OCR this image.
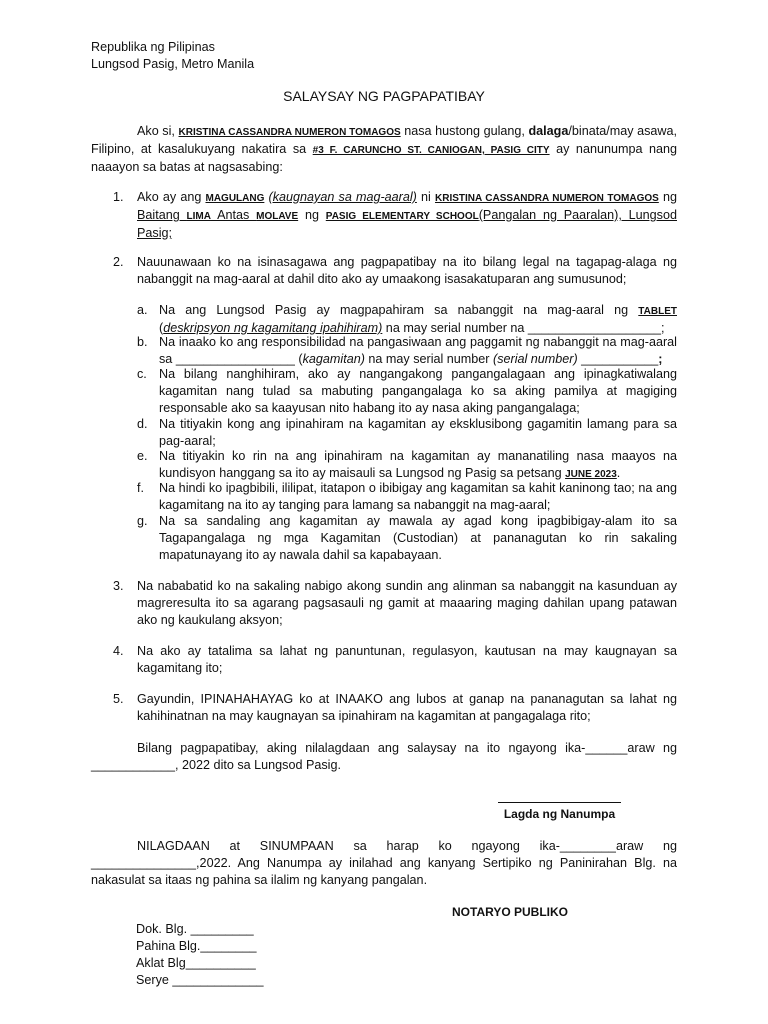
Republika ng Pilipinas
Lungsod Pasig, Metro Manila
SALAYSAY NG PAGPAPATIBAY
Ako si, KRISTINA CASSANDRA NUMERON TOMAGOS nasa hustong gulang, dalaga/binata/may asawa, Filipino, at kasalukuyang nakatira sa #3 F. CARUNCHO ST. CANIOGAN, PASIG CITY ay nanunumpa nang naaayon sa batas at nagsasabing:
1. Ako ay ang MAGULANG (kaugnayan sa mag-aaral) ni KRISTINA CASSANDRA NUMERON TOMAGOS ng Baitang LIMA Antas MOLAVE ng PASIG ELEMENTARY SCHOOL(Pangalan ng Paaralan), Lungsod Pasig;
2. Nauunawaan ko na isinasagawa ang pagpapatibay na ito bilang legal na tagapag-alaga ng nabanggit na mag-aaral at dahil dito ako ay umaakong isasakatuparan ang sumusunod;
a. Na ang Lungsod Pasig ay magpapahiram sa nabanggit na mag-aaral ng TABLET (deskripsyon ng kagamitang ipahihiram) na may serial number na ___________________;
b. Na inaako ko ang responsibilidad na pangasiwaan ang paggamit ng nabanggit na mag-aaral sa _________________ (kagamitan) na may serial number (serial number) ___________;
c. Na bilang nanghihiram, ako ay nangangakong pangangalagaan ang ipinagkatiwalang kagamitan nang tulad sa mabuting pangangalaga ko sa aking pamilya at magiging responsable ako sa kaayusan nito habang ito ay nasa aking pangangalaga;
d. Na titiyakin kong ang ipinahiram na kagamitan ay eksklusibong gagamitin lamang para sa pag-aaral;
e. Na titiyakin ko rin na ang ipinahiram na kagamitan ay mananatiling nasa maayos na kundisyon hanggang sa ito ay maisauli sa Lungsod ng Pasig sa petsang JUNE 2023.
f. Na hindi ko ipagbibili, ililipat, itatapon o ibibigay ang kagamitan sa kahit kaninong tao; na ang kagamitang na ito ay tanging para lamang sa nabanggit na mag-aaral;
g. Na sa sandaling ang kagamitan ay mawala ay agad kong ipagbibigay-alam ito sa Tagapangalaga ng mga Kagamitan (Custodian) at pananagutan ko rin sakaling mapatunayang ito ay nawala dahil sa kapabayaan.
3. Na nababatid ko na sakaling nabigo akong sundin ang alinman sa nabanggit na kasunduan ay magreresulta ito sa agarang pagsasauli ng gamit at maaaring maging dahilan upang patawan ako ng kaukulang aksyon;
4. Na ako ay tatalima sa lahat ng panuntunan, regulasyon, kautusan na may kaugnayan sa kagamitang ito;
5. Gayundin, IPINAHAHAYAG ko at INAAKO ang lubos at ganap na pananagutan sa lahat ng kahihinatnan na may kaugnayan sa ipinahiram na kagamitan at pangagalaga rito;
Bilang pagpapatibay, aking nilalagdaan ang salaysay na ito ngayong ika-______araw ng ____________, 2022 dito sa Lungsod Pasig.
Lagda ng Nanumpa
NILAGDAAN at SINUMPAAN sa harap ko ngayong ika-________araw ng _______________,2022. Ang Nanumpa ay inilahad ang kanyang Sertipiko ng Paninirahan Blg. na nakasulat sa itaas ng pahina sa ilalim ng kanyang pangalan.
NOTARYO PUBLIKO
Dok. Blg. _________
Pahina Blg.________
Aklat Blg__________
Serye _____________
